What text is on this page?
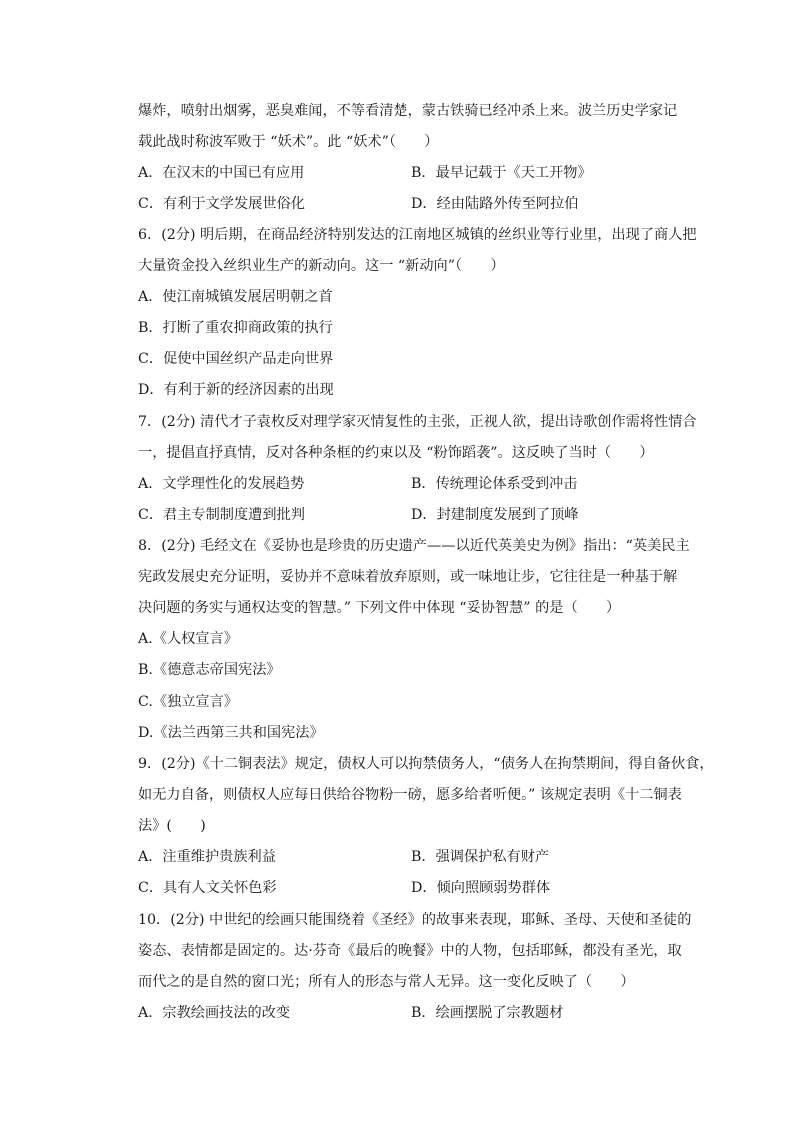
爆炸，喷射出烟雾，恶臭难闻，不等看清楚，蒙古铁骑已经冲杀上来。波兰历史学家记
载此战时称波军败于 “妖术”。此 “妖术”（　　）
A．在汉末的中国已有应用	B．最早记载于《天工开物》
C．有利于文学发展世俗化	D．经由陆路外传至阿拉伯
6．(2分) 明后期，在商品经济特别发达的江南地区城镇的丝织业等行业里，出现了商人把
大量资金投入丝织业生产的新动向。这一 “新动向”（　　）
A．使江南城镇发展居明朝之首
B．打断了重农抑商政策的执行
C．促使中国丝织产品走向世界
D．有利于新的经济因素的出现
7．(2分) 清代才子袁枚反对理学家灭情复性的主张，正视人欲，提出诗歌创作需将性情合
一，提倡直抒真情，反对各种条框的约束以及 “粉饰蹈袭”。这反映了当时（　　）
A．文学理性化的发展趋势	B．传统理论体系受到冲击
C．君主专制制度遭到批判	D．封建制度发展到了顶峰
8．(2分) 毛经文在《妥协也是珍贵的历史遗产——以近代英美史为例》指出：“英美民主
宪政发展史充分证明，妥协并不意味着放弃原则，或一味地让步，它往往是一种基于解
决问题的务实与通权达变的智慧。” 下列文件中体现 “妥协智慧” 的是（　　）
A.《人权宣言》
B.《德意志帝国宪法》
C.《独立宣言》
D.《法兰西第三共和国宪法》
9．(2分)《十二铜表法》规定，债权人可以拘禁债务人，“债务人在拘禁期间，得自备伙食，
如无力自备，则债权人应每日供给谷物粉一磅，愿多给者听便。” 该规定表明《十二铜表
法》(　　)
A．注重维护贵族利益	B．强调保护私有财产
C．具有人文关怀色彩	D．倾向照顾弱势群体
10．(2分) 中世纪的绘画只能围绕着《圣经》的故事来表现，耶稣、圣母、天使和圣徒的
姿态、表情都是固定的。达·芬奇《最后的晚餐》中的人物，包括耶稣，都没有圣光，取
而代之的是自然的窗口光；所有人的形态与常人无异。这一变化反映了（　　）
A．宗教绘画技法的改变	B．绘画摆脱了宗教题材
